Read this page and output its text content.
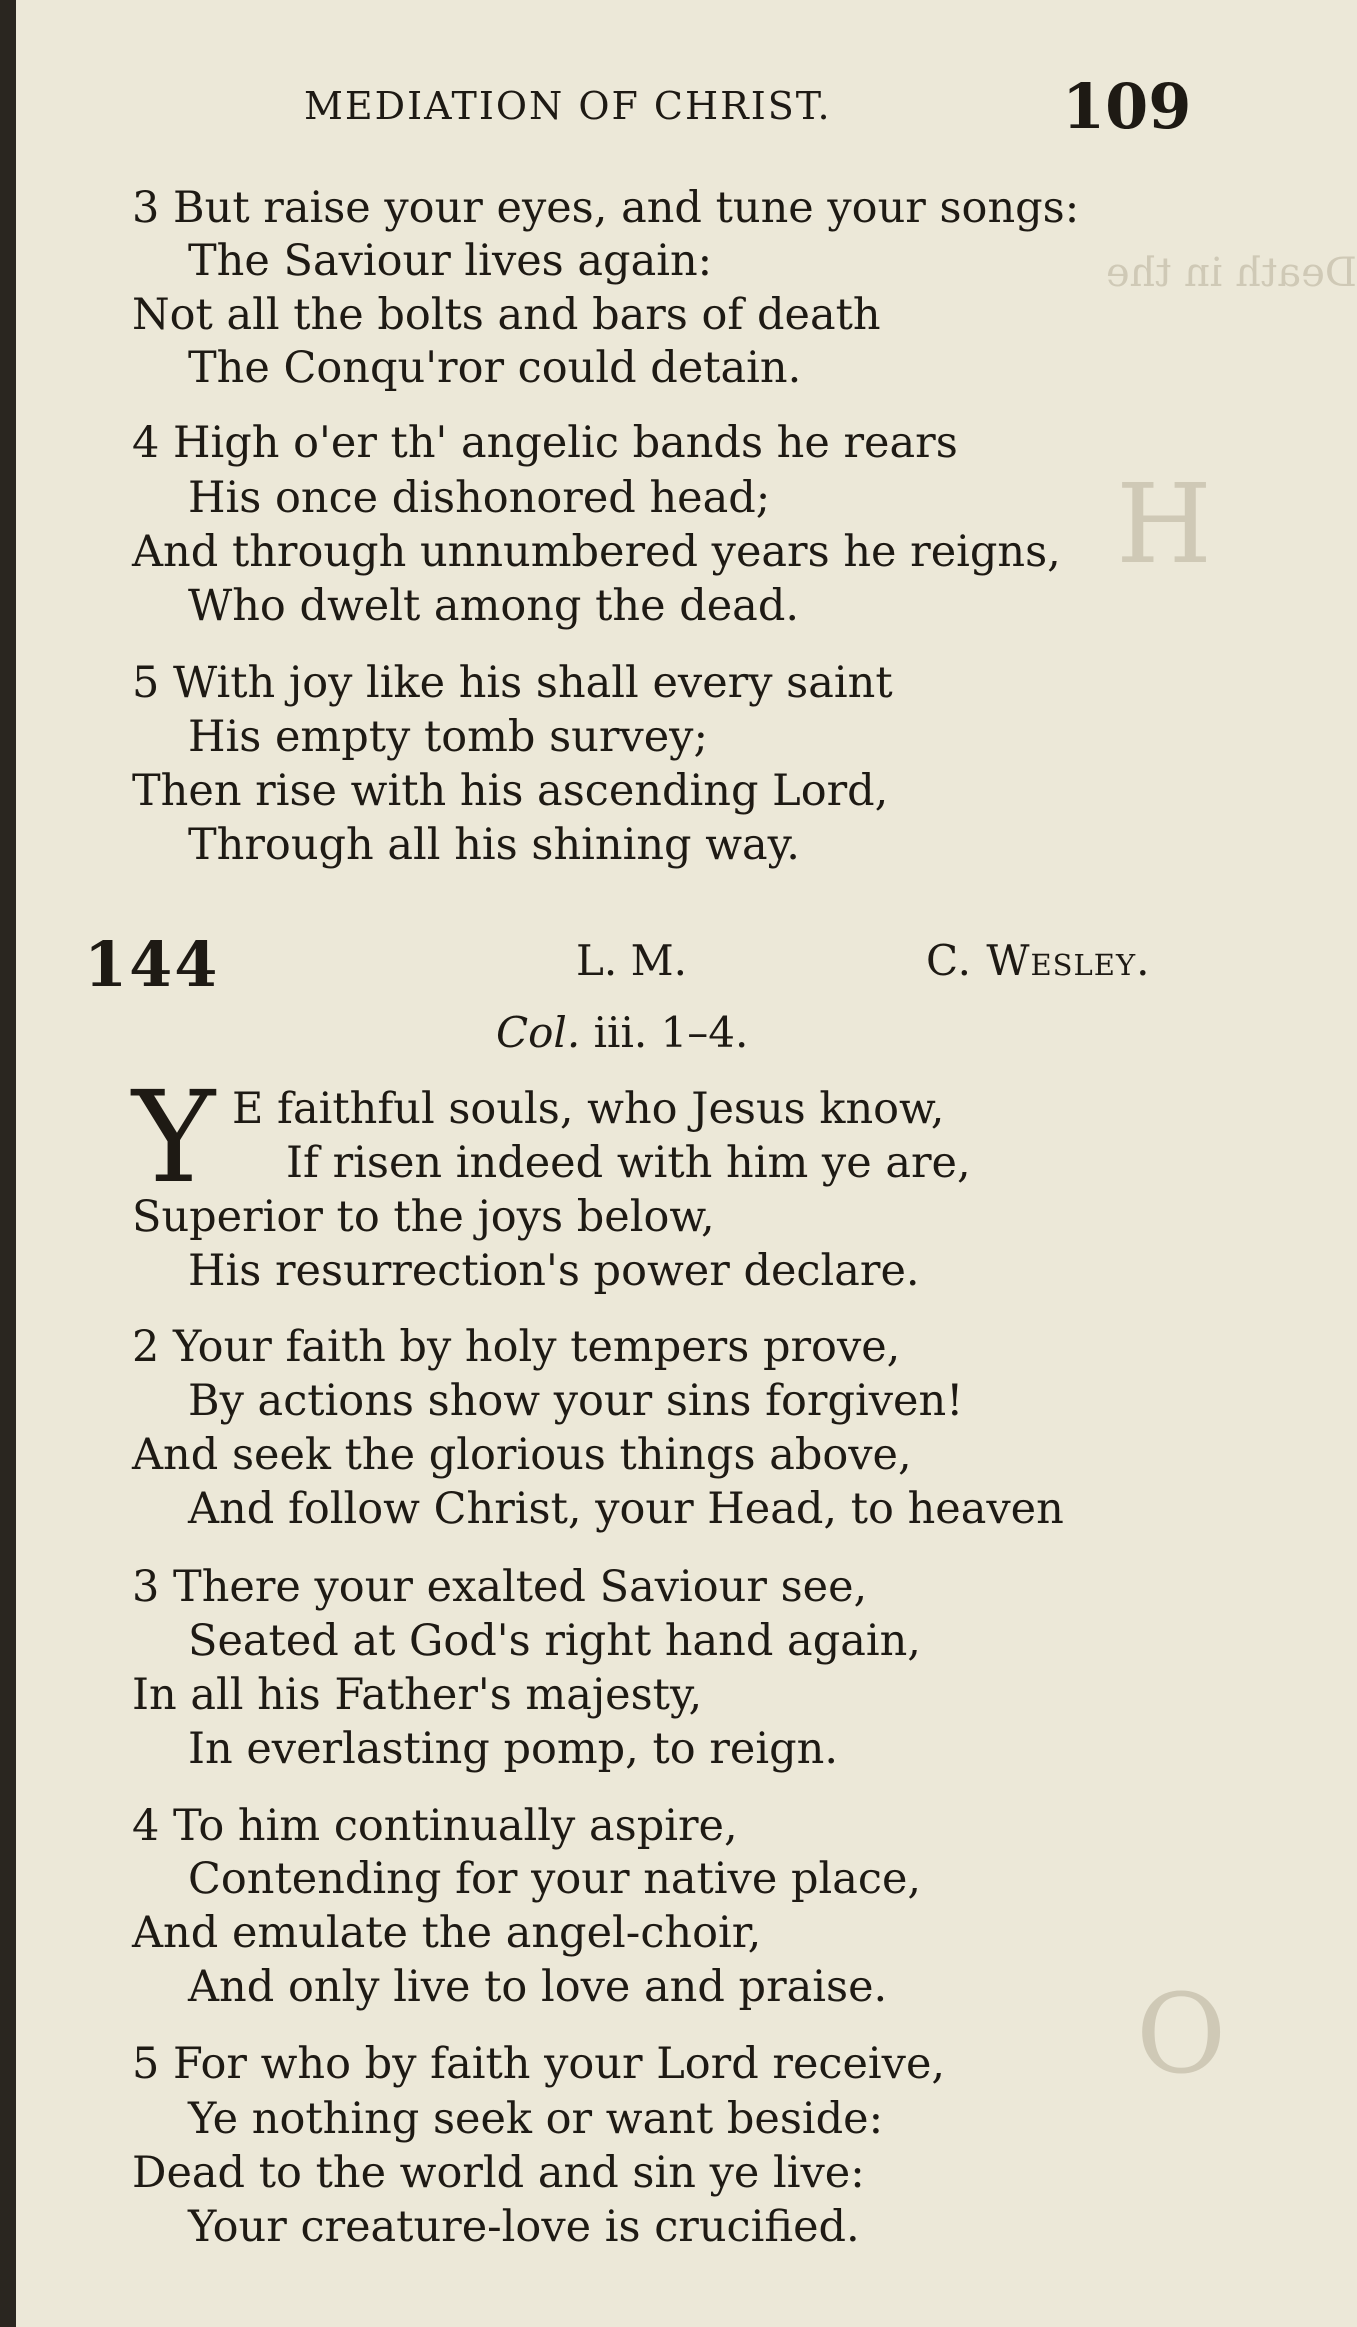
Death in the
H
O
MEDIATION OF CHRIST.	109
3 But raise your eyes, and tune your songs:
The Saviour lives again:
Not all the bolts and bars of death
The Conqu'ror could detain.
4 High o'er th' angelic bands he rears
His once dishonored head;
And through unnumbered years he reigns,
Who dwelt among the dead.
5 With joy like his shall every saint
His empty tomb survey;
Then rise with his ascending Lord,
Through all his shining way.
144	L. M.	C. Wesley.
Col. iii. 1–4.
Y E faithful souls, who Jesus know,
If risen indeed with him ye are,
Superior to the joys below,
His resurrection's power declare.
2 Your faith by holy tempers prove,
By actions show your sins forgiven!
And seek the glorious things above,
And follow Christ, your Head, to heaven
3 There your exalted Saviour see,
Seated at God's right hand again,
In all his Father's majesty,
In everlasting pomp, to reign.
4 To him continually aspire,
Contending for your native place,
And emulate the angel-choir,
And only live to love and praise.
5 For who by faith your Lord receive,
Ye nothing seek or want beside:
Dead to the world and sin ye live:
Your creature-love is crucified.
